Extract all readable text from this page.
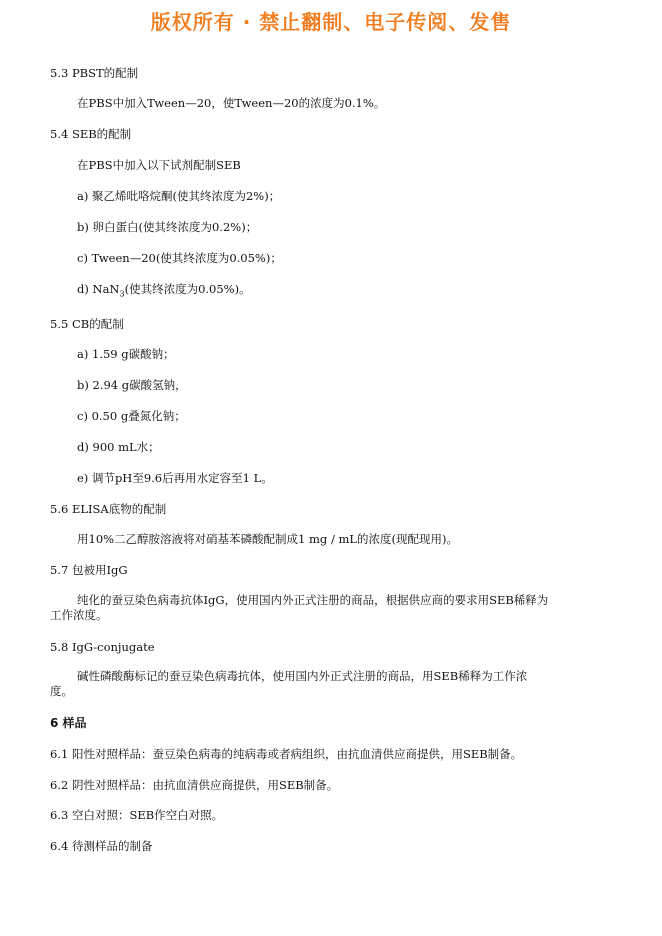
版权所有 · 禁止翻制、电子传阅、发售
5.3 PBST的配制
在PBS中加入Tween—20，使Tween—20的浓度为0.1%。
5.4 SEB的配制
在PBS中加入以下试剂配制SEB
a) 聚乙烯吡咯烷酮(使其终浓度为2%)；
b) 卵白蛋白(使其终浓度为0.2%)；
c) Tween—20(使其终浓度为0.05%)；
d) NaN$_3$(使其终浓度为0.05%)。
5.5 CB的配制
a) 1.59 g碳酸钠；
b) 2.94 g碳酸氢钠，
c) 0.50 g叠氮化钠；
d) 900 mL水；
e) 调节pH至9.6后再用水定容至1 L。
5.6 ELISA底物的配制
用10%二乙醇胺溶液将对硝基苯磷酸配制成1 mg / mL的浓度(现配现用)。
5.7 包被用IgG
纯化的蚕豆染色病毒抗体IgG，使用国内外正式注册的商品，根据供应商的要求用SEB稀释为
工作浓度。
5.8 IgG-conjugate
碱性磷酸酶标记的蚕豆染色病毒抗体，使用国内外正式注册的商品，用SEB稀释为工作浓
度。
6 样品
6.1 阳性对照样品：蚕豆染色病毒的纯病毒或者病组织，由抗血清供应商提供，用SEB制备。
6.2 阴性对照样品：由抗血清供应商提供，用SEB制备。
6.3 空白对照：SEB作空白对照。
6.4 待测样品的制备
